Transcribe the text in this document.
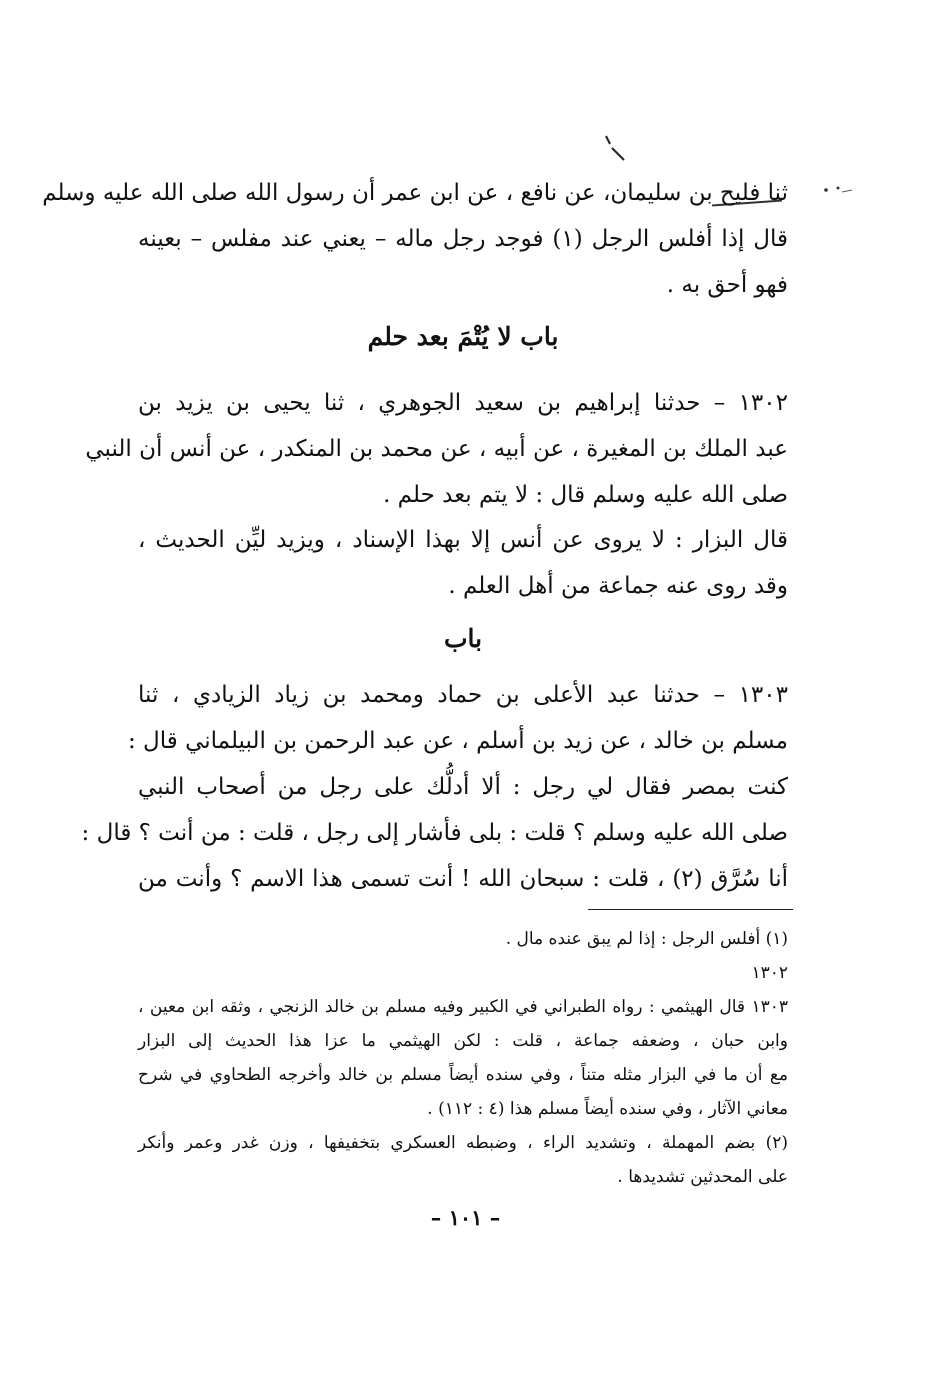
ثنا فليح بن سليمان، عن نافع ، عن ابن عمر أن رسول الله صلى الله عليه وسلم
قال إذا أفلس الرجل (١) فوجد رجل ماله – يعني عند مفلس – بعينه
فهو أحق به .
باب لا يُتْمَ بعد حلم
١٣٠٢ – حدثنا إبراهيم بن سعيد الجوهري ، ثنا يحيى بن يزيد بن
عبد الملك بن المغيرة ، عن أبيه ، عن محمد بن المنكدر ، عن أنس أن النبي
صلى الله عليه وسلم قال : لا يتم بعد حلم .
قال البزار : لا يروى عن أنس إلا بهذا الإسناد ، ويزيد ليِّن الحديث ،
وقد روى عنه جماعة من أهل العلم .
باب
١٣٠٣ – حدثنا عبد الأعلى بن حماد ومحمد بن زياد الزيادي ، ثنا
مسلم بن خالد ، عن زيد بن أسلم ، عن عبد الرحمن بن البيلماني قال :
كنت بمصر فقال لي رجل : ألا أدلُّك على رجل من أصحاب النبي
صلى الله عليه وسلم ؟ قلت : بلى فأشار إلى رجل ، قلت : من أنت ؟ قال :
أنا سُرَّق (٢) ، قلت : سبحان الله ! أنت تسمى هذا الاسم ؟ وأنت من
(١) أفلس الرجل : إذا لم يبق عنده مال .
١٣٠٢
١٣٠٣ قال الهيثمي : رواه الطبراني في الكبير وفيه مسلم بن خالد الزنجي ، وثقه ابن معين ،
وابن حبان ، وضعفه جماعة ، قلت : لكن الهيثمي ما عزا هذا الحديث إلى البزار
مع أن ما في البزار مثله متناً ، وفي سنده أيضاً مسلم بن خالد وأخرجه الطحاوي في شرح
معاني الآثار ، وفي سنده أيضاً مسلم هذا (٤ : ١١٢) .
(٢) بضم المهملة ، وتشديد الراء ، وضبطه العسكري بتخفيفها ، وزن غدر وعمر وأنكر
على المحدثين تشديدها .
– ١٠١ –
